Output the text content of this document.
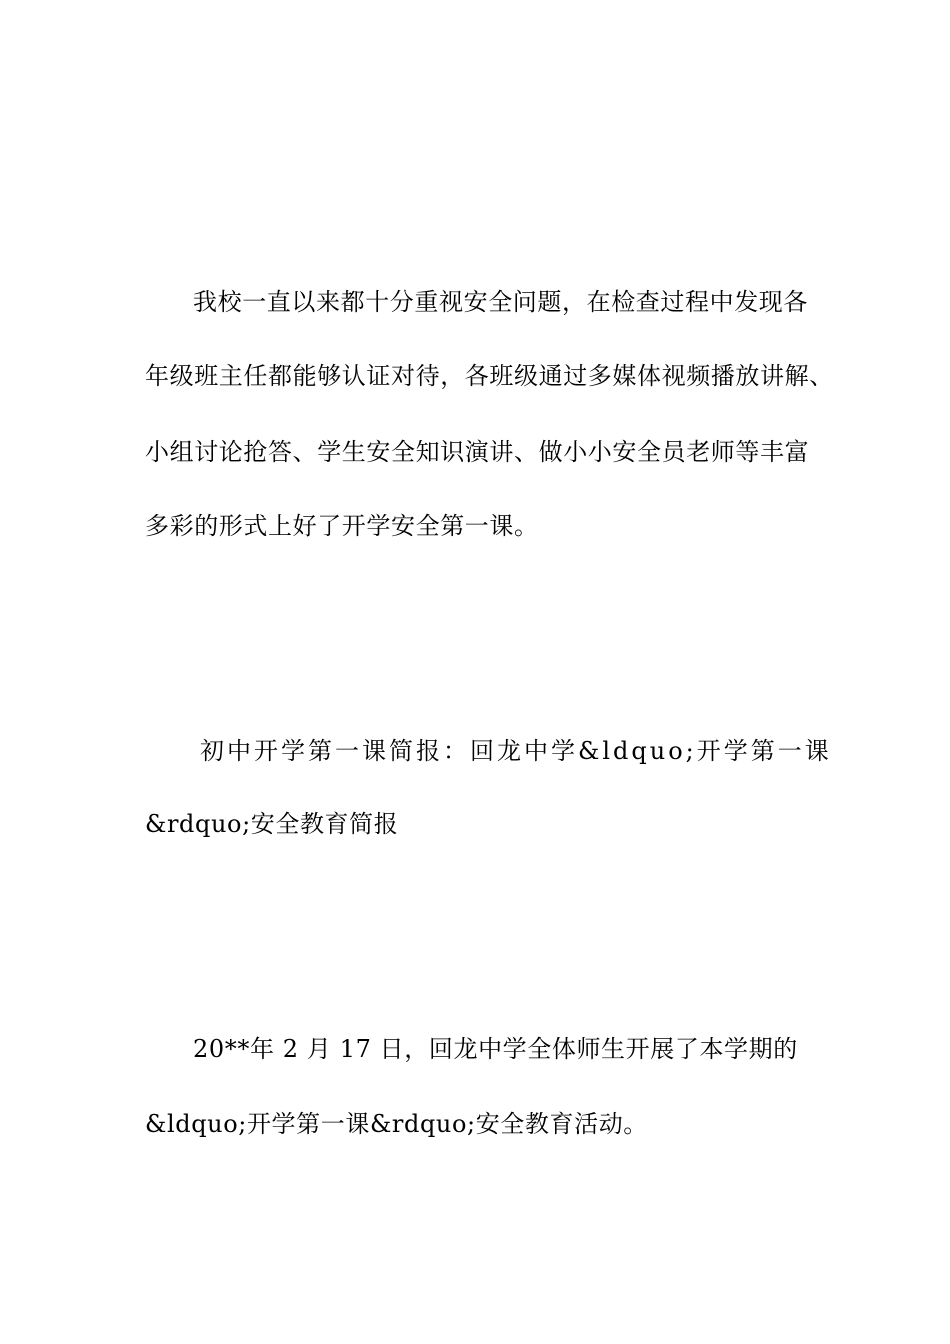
我校一直以来都十分重视安全问题，在检查过程中发现各
年级班主任都能够认证对待，各班级通过多媒体视频播放讲解、
小组讨论抢答、学生安全知识演讲、做小小安全员老师等丰富
多彩的形式上好了开学安全第一课。
初中开学第一课简报：回龙中学&ldquo;开学第一课
&rdquo;安全教育简报
20**年 2 月 17 日，回龙中学全体师生开展了本学期的
&ldquo;开学第一课&rdquo;安全教育活动。
